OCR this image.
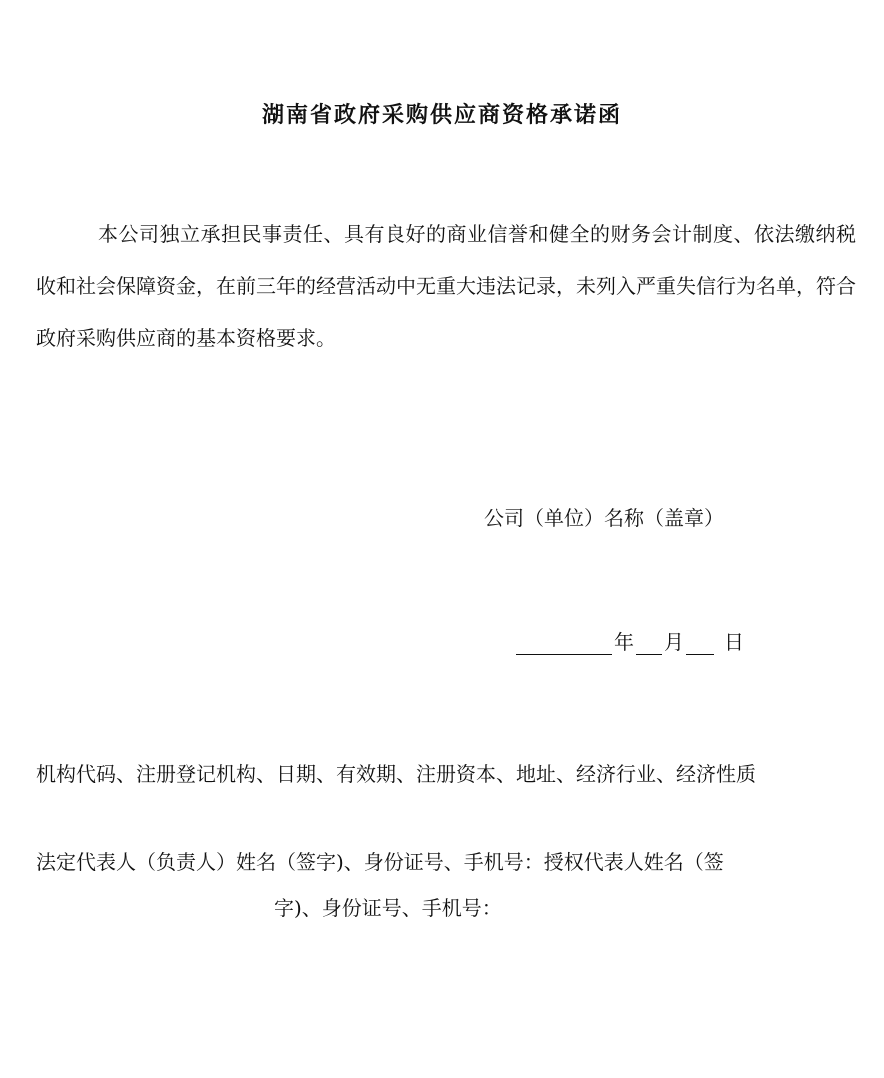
湖南省政府采购供应商资格承诺函
本公司独立承担民事责任、具有良好的商业信誉和健全的财务会计制度、依法缴纳税收和社会保障资金，在前三年的经营活动中无重大违法记录，未列入严重失信行为名单，符合政府采购供应商的基本资格要求。
公司（单位）名称（盖章）
年 月 日
机构代码、注册登记机构、日期、有效期、注册资本、地址、经济行业、经济性质
法定代表人（负责人）姓名（签字)、身份证号、手机号：授权代表人姓名（签
字)、身份证号、手机号：
